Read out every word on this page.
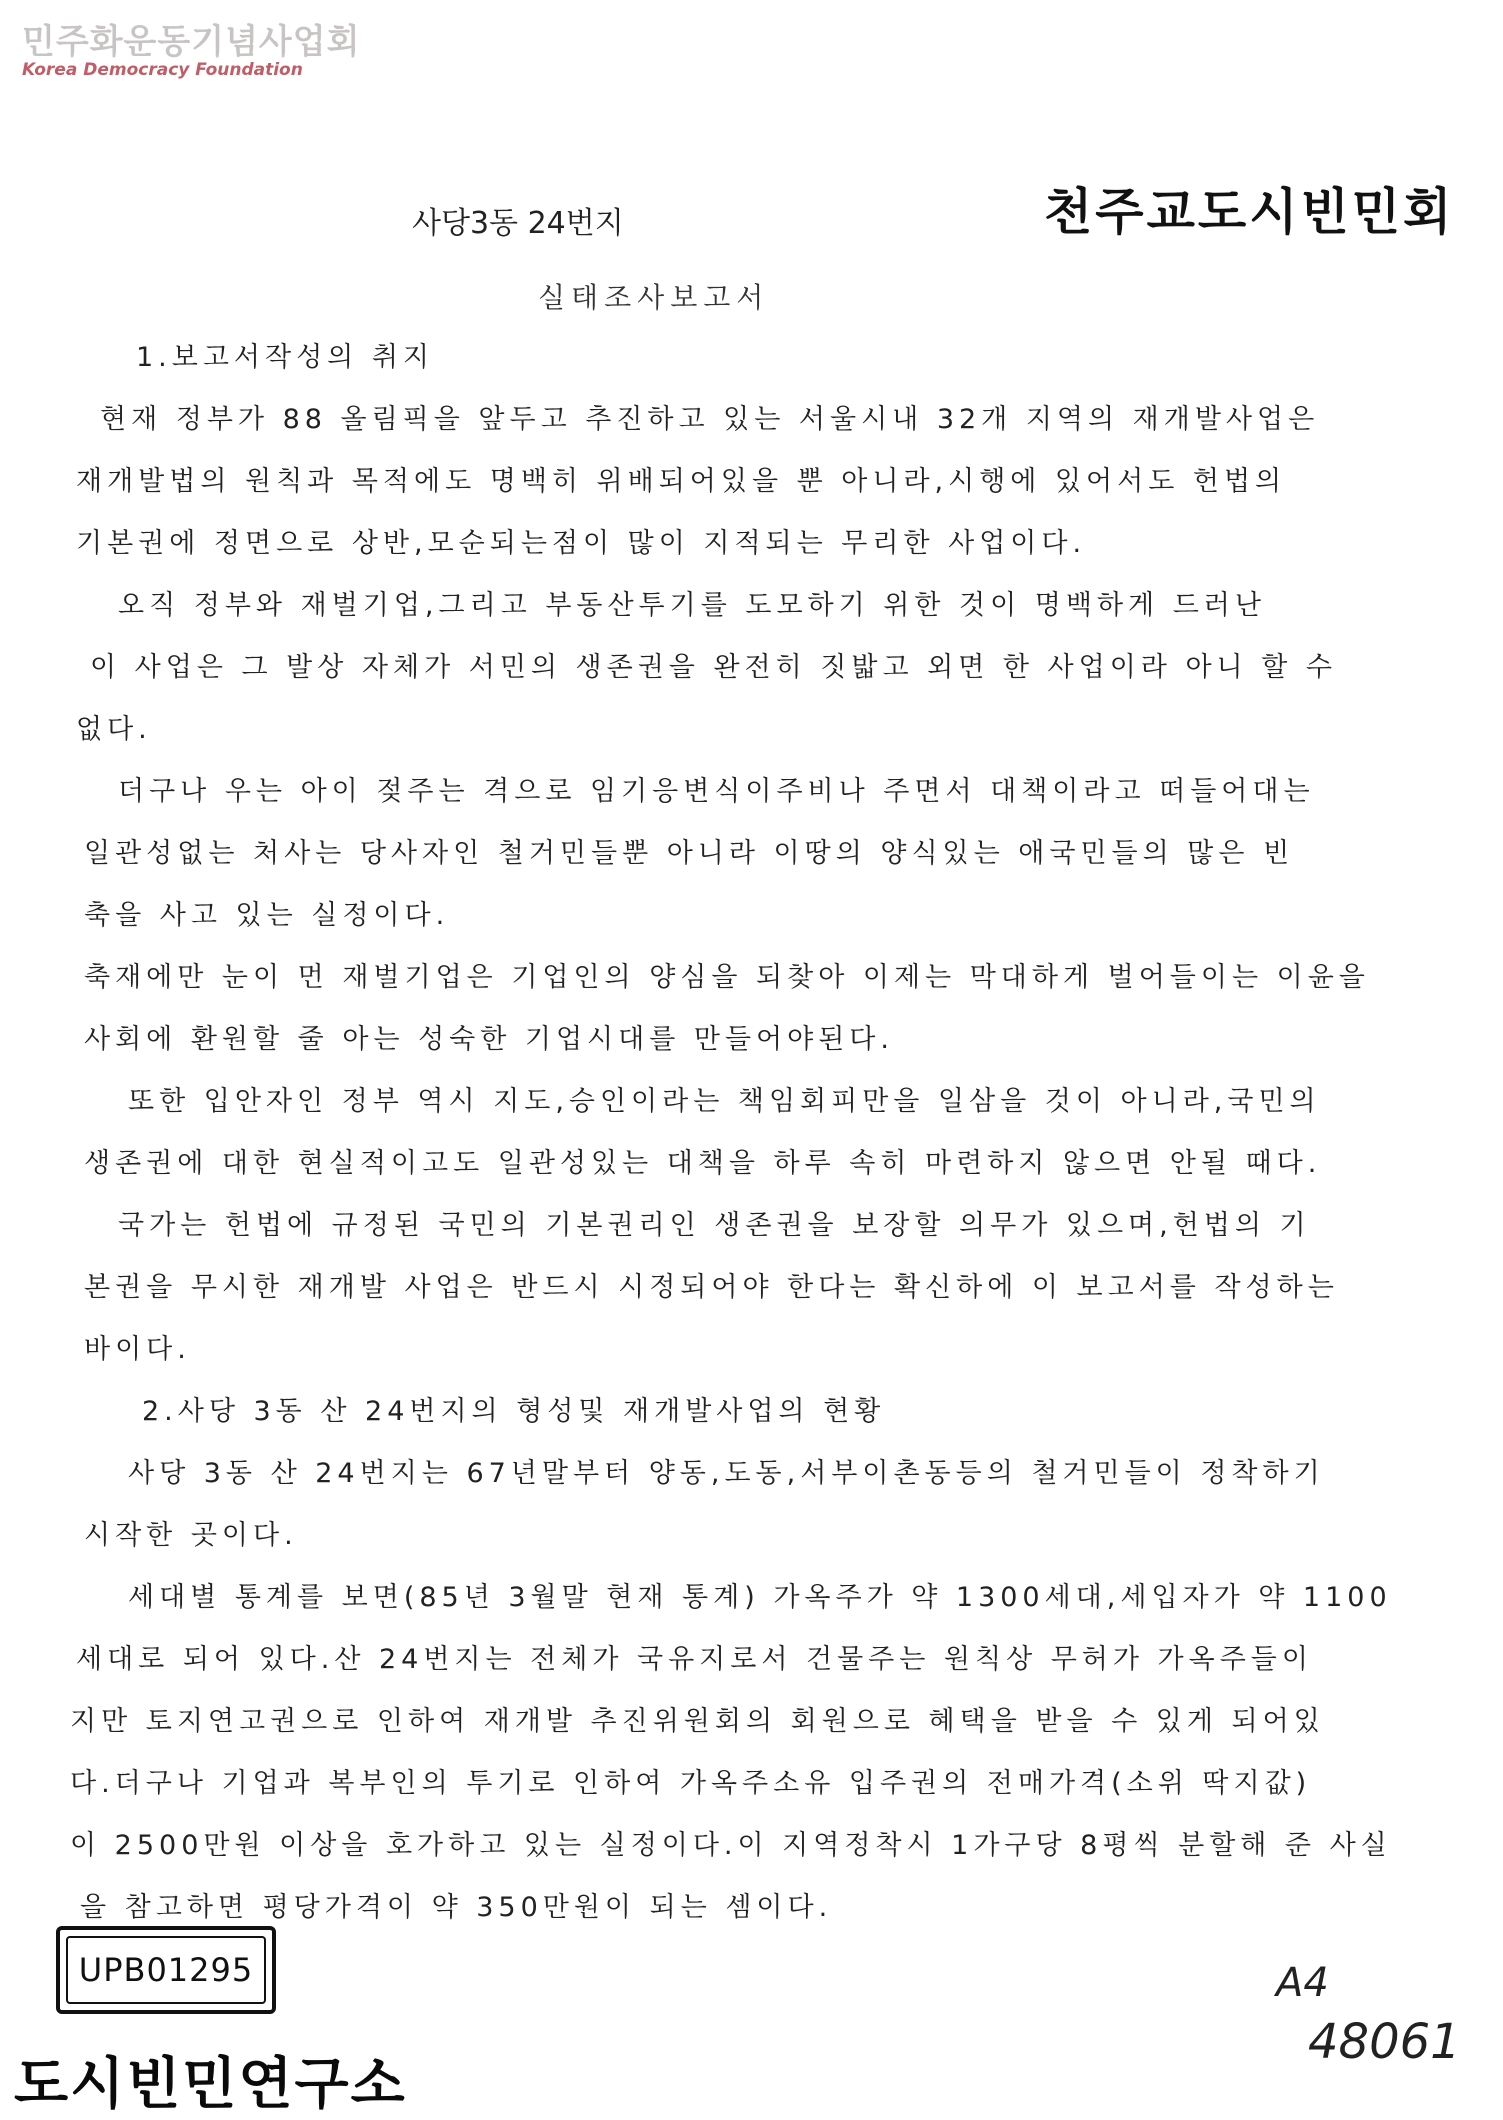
민주화운동기념사업회
Korea Democracy Foundation
사당3동 24번지	천주교도시빈민회
실태조사보고서
1.보고서작성의 취지
현재 정부가 88 올림픽을 앞두고 추진하고 있는 서울시내 32개 지역의 재개발사업은
재개발법의 원칙과 목적에도 명백히 위배되어있을 뿐 아니라,시행에 있어서도 헌법의
기본권에 정면으로 상반,모순되는점이 많이 지적되는 무리한 사업이다.
오직 정부와 재벌기업,그리고 부동산투기를 도모하기 위한 것이 명백하게 드러난
이 사업은 그 발상 자체가 서민의 생존권을 완전히 짓밟고 외면 한 사업이라 아니 할 수
없다.
더구나 우는 아이 젖주는 격으로 임기응변식이주비나 주면서 대책이라고 떠들어대는
일관성없는 처사는 당사자인 철거민들뿐 아니라 이땅의 양식있는 애국민들의 많은 빈
축을 사고 있는 실정이다.
축재에만 눈이 먼 재벌기업은 기업인의 양심을 되찾아 이제는 막대하게 벌어들이는 이윤을
사회에 환원할 줄 아는 성숙한 기업시대를 만들어야된다.
또한 입안자인 정부 역시 지도,승인이라는 책임회피만을 일삼을 것이 아니라,국민의
생존권에 대한 현실적이고도 일관성있는 대책을 하루 속히 마련하지 않으면 안될 때다.
국가는 헌법에 규정된 국민의 기본권리인 생존권을 보장할 의무가 있으며,헌법의 기
본권을 무시한 재개발 사업은 반드시 시정되어야 한다는 확신하에 이 보고서를 작성하는
바이다.
2.사당 3동 산 24번지의 형성및 재개발사업의 현황
사당 3동 산 24번지는 67년말부터 양동,도동,서부이촌동등의 철거민들이 정착하기
시작한 곳이다.
세대별 통계를 보면(85년 3월말 현재 통계) 가옥주가 약 1300세대,세입자가 약 1100
세대로 되어 있다.산 24번지는 전체가 국유지로서 건물주는 원칙상 무허가 가옥주들이
지만 토지연고권으로 인하여 재개발 추진위원회의 회원으로 혜택을 받을 수 있게 되어있
다.더구나 기업과 복부인의 투기로 인하여 가옥주소유 입주권의 전매가격(소위 딱지값)
이 2500만원 이상을 호가하고 있는 실정이다.이 지역정착시 1가구당 8평씩 분할해 준 사실
을 참고하면 평당가격이 약 350만원이 되는 셈이다.
UPB01295	A4
48061
도시빈민연구소
